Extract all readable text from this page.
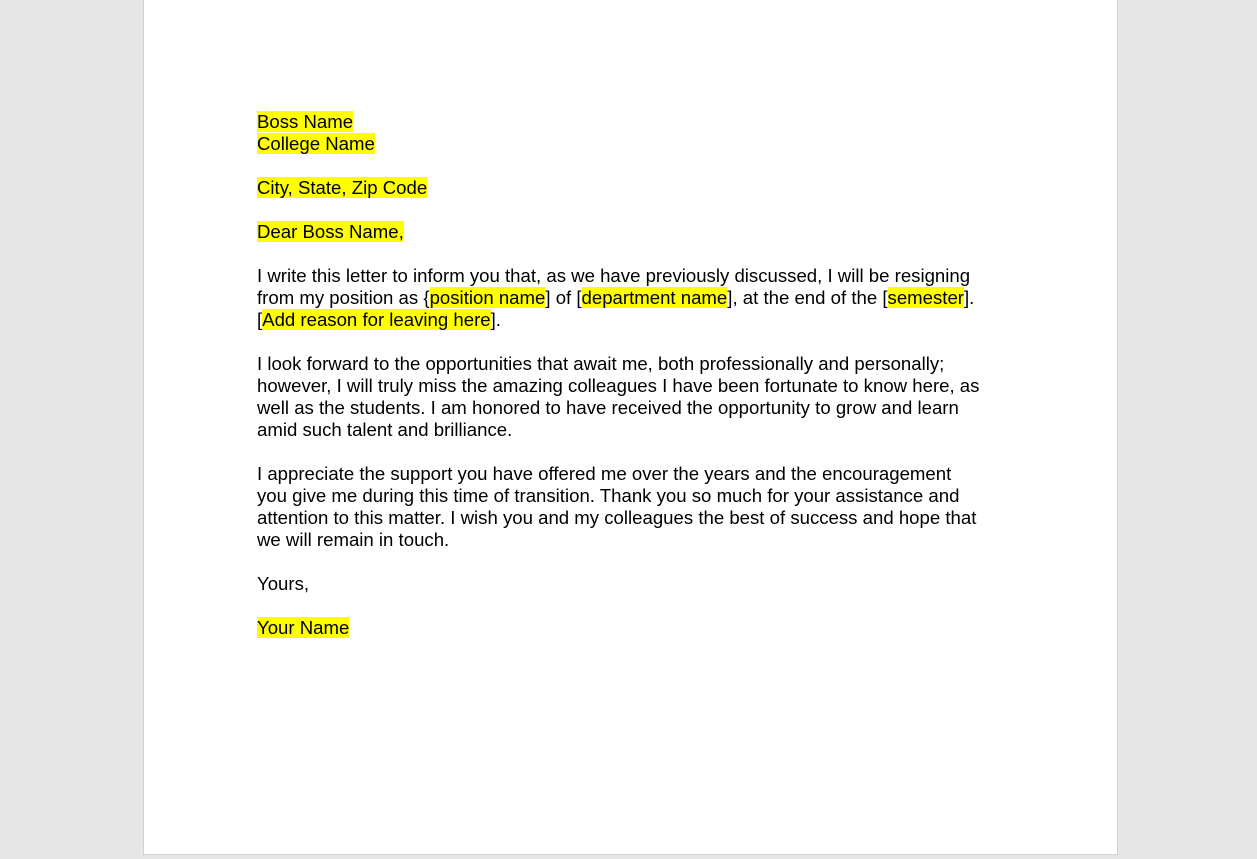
Boss Name
College Name
City, State, Zip Code
Dear Boss Name,
I write this letter to inform you that, as we have previously discussed, I will be resigning
from my position as {position name] of [department name], at the end of the [semester].
[Add reason for leaving here].
I look forward to the opportunities that await me, both professionally and personally;
however, I will truly miss the amazing colleagues I have been fortunate to know here, as
well as the students. I am honored to have received the opportunity to grow and learn
amid such talent and brilliance.
I appreciate the support you have offered me over the years and the encouragement
you give me during this time of transition. Thank you so much for your assistance and
attention to this matter. I wish you and my colleagues the best of success and hope that
we will remain in touch.
Yours,
Your Name
